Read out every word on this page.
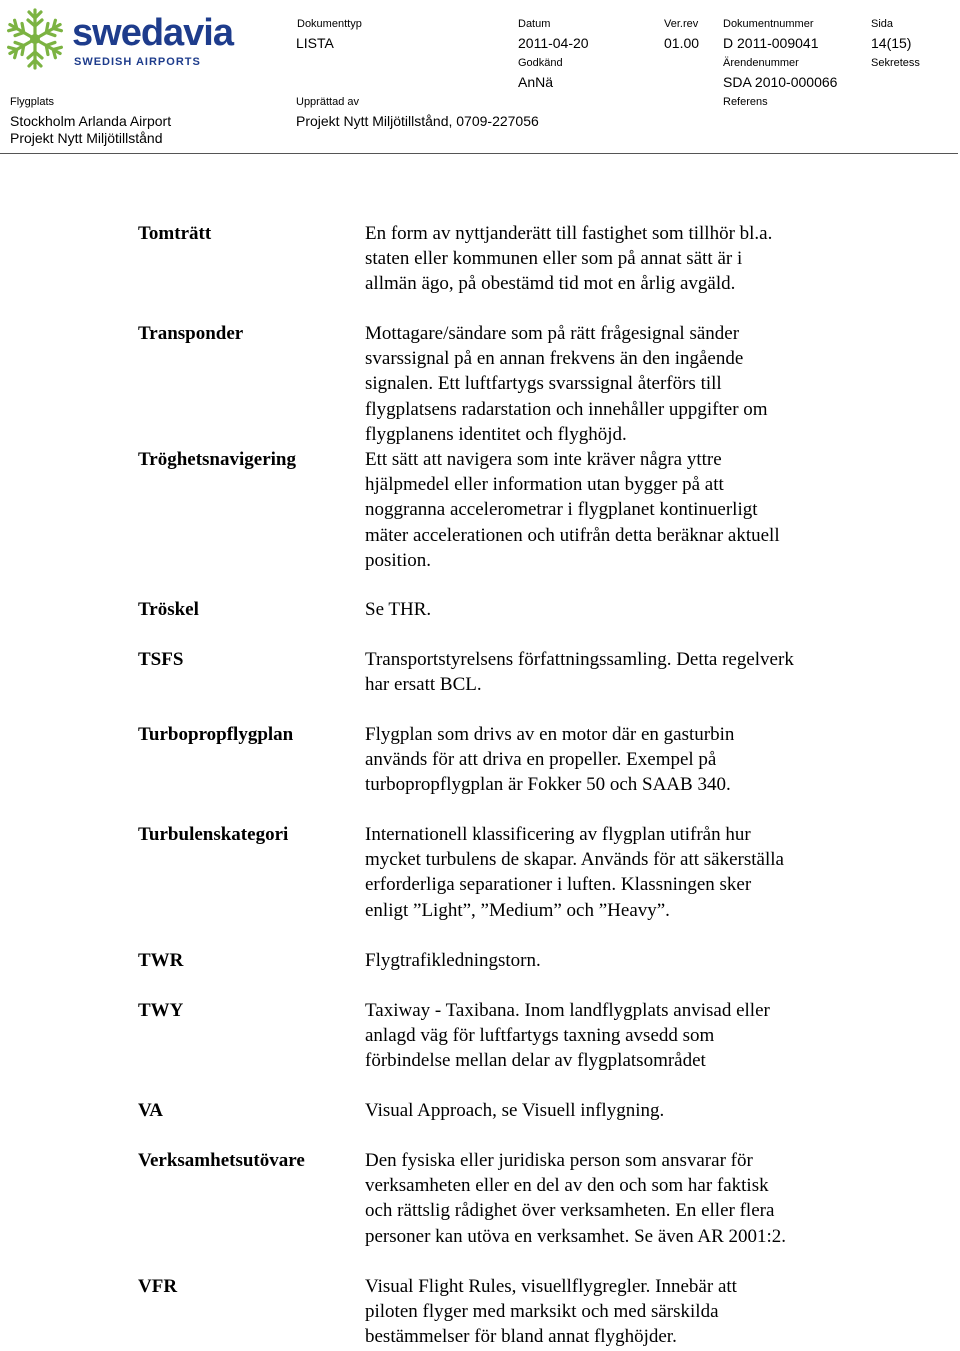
swedavia
SWEDISH AIRPORTS
Dokumenttyp
LISTA
Datum
2011-04-20
Ver.rev
01.00
Dokumentnummer
D 2011-009041
Sida
14(15)
Godkänd
AnNä
Ärendenummer
SDA 2010-000066
Sekretess
Flygplats
Stockholm Arlanda Airport
Projekt Nytt Miljötillstånd
Upprättad av
Projekt Nytt Miljötillstånd, 0709-227056
Referens
Tomträtt	En form av nyttjanderätt till fastighet som tillhör bl.a.
staten eller kommunen eller som på annat sätt är i
allmän ägo, på obestämd tid mot en årlig avgäld.
Transponder	Mottagare/sändare som på rätt frågesignal sänder
svarssignal på en annan frekvens än den ingående
signalen. Ett luftfartygs svarssignal återförs till
flygplatsens radarstation och innehåller uppgifter om
flygplanens identitet och flyghöjd.
Tröghetsnavigering	Ett sätt att navigera som inte kräver några yttre
hjälpmedel eller information utan bygger på att
noggranna accelerometrar i flygplanet kontinuerligt
mäter accelerationen och utifrån detta beräknar aktuell
position.
Tröskel	Se THR.
TSFS	Transportstyrelsens författningssamling. Detta regelverk
har ersatt BCL.
Turbopropflygplan	Flygplan som drivs av en motor där en gasturbin
används för att driva en propeller. Exempel på
turbopropflygplan är Fokker 50 och SAAB 340.
Turbulenskategori	Internationell klassificering av flygplan utifrån hur
mycket turbulens de skapar. Används för att säkerställa
erforderliga separationer i luften. Klassningen sker
enligt ”Light”, ”Medium” och ”Heavy”.
TWR	Flygtrafikledningstorn.
TWY	Taxiway - Taxibana. Inom landflygplats anvisad eller
anlagd väg för luftfartygs taxning avsedd som
förbindelse mellan delar av flygplatsområdet
VA	Visual Approach, se Visuell inflygning.
Verksamhetsutövare	Den fysiska eller juridiska person som ansvarar för
verksamheten eller en del av den och som har faktisk
och rättslig rådighet över verksamheten. En eller flera
personer kan utöva en verksamhet. Se även AR 2001:2.
VFR	Visual Flight Rules, visuellflygregler. Innebär att
piloten flyger med marksikt och med särskilda
bestämmelser för bland annat flyghöjder.
